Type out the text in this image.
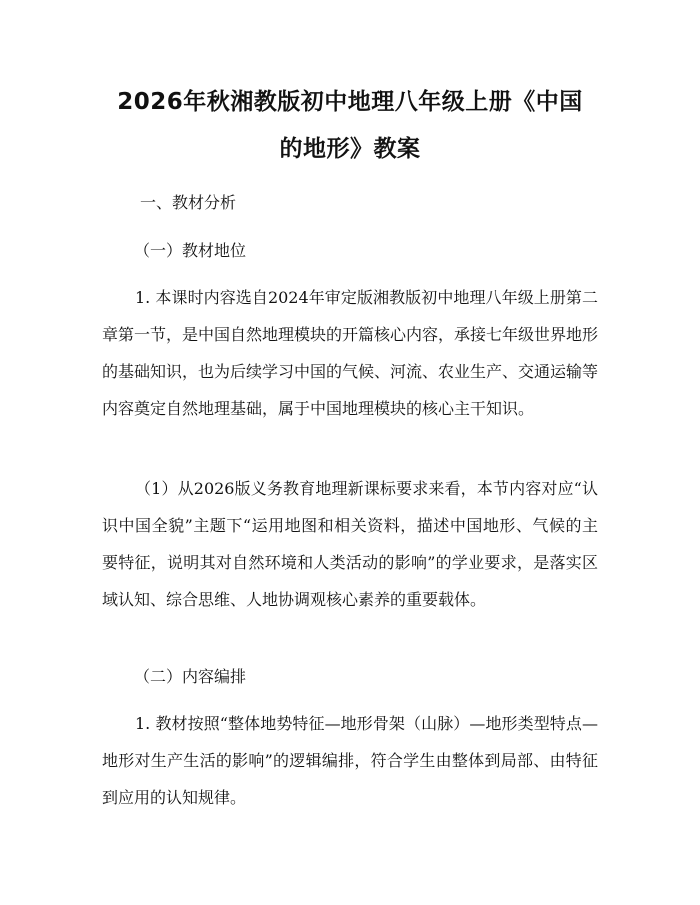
2026年秋湘教版初中地理八年级上册《中国
的地形》教案

一、教材分析

（一）教材地位

1. 本课时内容选自2024年审定版湘教版初中地理八年级上册第二章第一节，是中国自然地理模块的开篇核心内容，承接七年级世界地形的基础知识，也为后续学习中国的气候、河流、农业生产、交通运输等内容奠定自然地理基础，属于中国地理模块的核心主干知识。

（1）从2026版义务教育地理新课标要求来看，本节内容对应“认识中国全貌”主题下“运用地图和相关资料，描述中国地形、气候的主要特征，说明其对自然环境和人类活动的影响”的学业要求，是落实区域认知、综合思维、人地协调观核心素养的重要载体。

（二）内容编排

1. 教材按照“整体地势特征—地形骨架（山脉）—地形类型特点—地形对生产生活的影响”的逻辑编排，符合学生由整体到局部、由特征到应用的认知规律。
